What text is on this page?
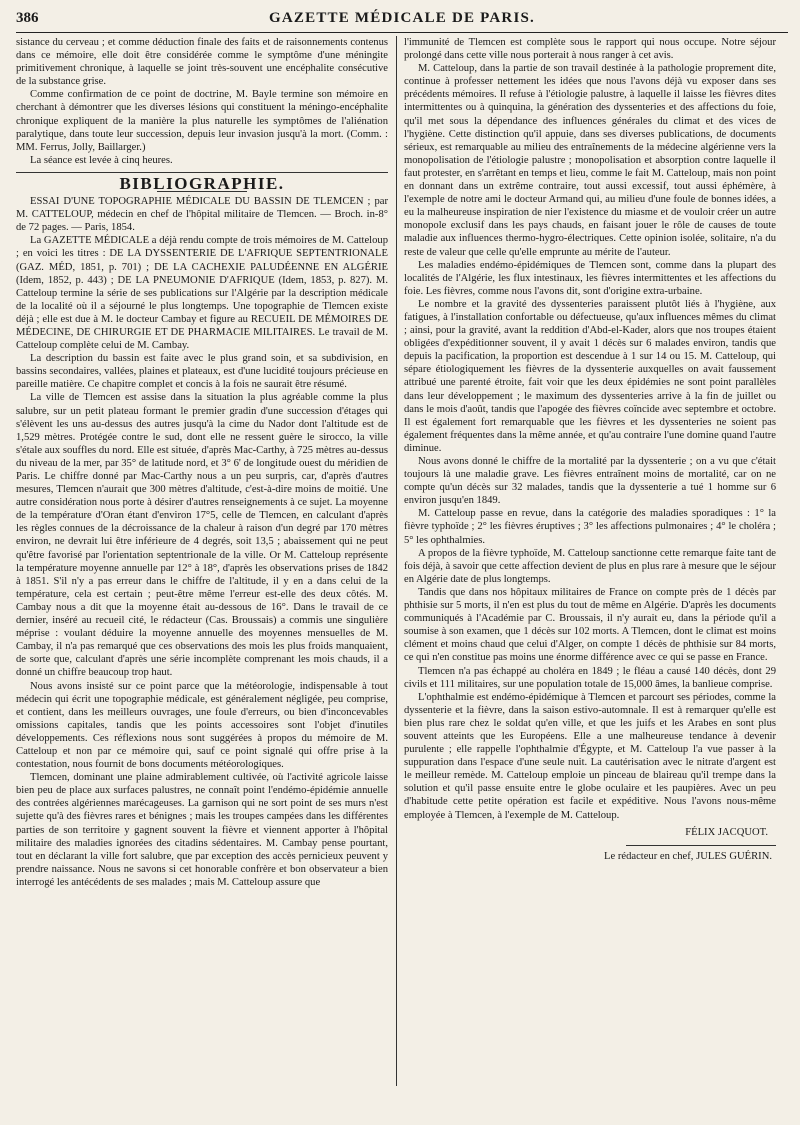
386	GAZETTE MÉDICALE DE PARIS.

sistance du cerveau ; et comme déduction finale des faits et de raisonnements contenus dans ce mémoire, elle doit être considérée comme le symptôme d'une méningite primitivement chronique, à laquelle se joint très-souvent une encéphalite consécutive de la substance grise.

Comme confirmation de ce point de doctrine, M. Bayle termine son mémoire en cherchant à démontrer que les diverses lésions qui constituent la méningo-encéphalite chronique expliquent de la manière la plus naturelle les symptômes de l'aliénation paralytique, dans toute leur succession, depuis leur invasion jusqu'à la mort. (Comm. : MM. Ferrus, Jolly, Baillarger.)

La séance est levée à cinq heures.

BIBLIOGRAPHIE.

ESSAI D'UNE TOPOGRAPHIE MÉDICALE DU BASSIN DE TLEMCEN ; par M. CATTELOUP, médecin en chef de l'hôpital militaire de Tlemcen. — Broch. in-8° de 72 pages. — Paris, 1854.

La GAZETTE MÉDICALE a déjà rendu compte de trois mémoires de M. Catteloup ; en voici les titres : DE LA DYSSENTERIE DE L'AFRIQUE SEPTENTRIONALE (GAZ. MÉD, 1851, p. 701) ; DE LA CACHEXIE PALUDÉENNE EN ALGÉRIE (Idem, 1852, p. 443) ; DE LA PNEUMONIE D'AFRIQUE (Idem, 1853, p. 827). M. Catteloup termine la série de ses publications sur l'Algérie par la description médicale de la localité où il a séjourné le plus longtemps. Une topographie de Tlemcen existe déjà ; elle est due à M. le docteur Cambay et figure au RECUEIL DE MÉMOIRES DE MÉDECINE, DE CHIRURGIE ET DE PHARMACIE MILITAIRES. Le travail de M. Catteloup complète celui de M. Cambay.

La description du bassin est faite avec le plus grand soin, et sa subdivision, en bassins secondaires, vallées, plaines et plateaux, est d'une lucidité toujours précieuse en pareille matière. Ce chapitre complet et concis à la fois ne saurait être résumé.

La ville de Tlemcen est assise dans la situation la plus agréable comme la plus salubre, sur un petit plateau formant le premier gradin d'une succession d'étages qui s'élèvent les uns au-dessus des autres jusqu'à la cime du Nador dont l'altitude est de 1,529 mètres. Protégée contre le sud, dont elle ne ressent guère le sirocco, la ville s'étale aux souffles du nord. Elle est située, d'après Mac-Carthy, à 725 mètres au-dessus du niveau de la mer, par 35° de latitude nord, et 3° 6' de longitude ouest du méridien de Paris. Le chiffre donné par Mac-Carthy nous a un peu surpris, car, d'après d'autres mesures, Tlemcen n'aurait que 300 mètres d'altitude, c'est-à-dire moins de moitié. Une autre considération nous porte à désirer d'autres renseignements à ce sujet. La moyenne de la température d'Oran étant d'environ 17°5, celle de Tlemcen, en calculant d'après les règles connues de la décroissance de la chaleur à raison d'un degré par 170 mètres environ, ne devrait lui être inférieure de 4 degrés, soit 13,5 ; abaissement qui ne peut qu'être favorisé par l'orientation septentrionale de la ville. Or M. Catteloup représente la température moyenne annuelle par 12° à 18°, d'après les observations prises de 1842 à 1851. S'il n'y a pas erreur dans le chiffre de l'altitude, il y en a dans celui de la température, cela est certain ; peut-être même l'erreur est-elle des deux côtés. M. Cambay nous a dit que la moyenne était au-dessous de 16°. Dans le travail de ce dernier, inséré au recueil cité, le rédacteur (Cas. Broussais) a commis une singulière méprise : voulant déduire la moyenne annuelle des moyennes mensuelles de M. Cambay, il n'a pas remarqué que ces observations des mois les plus froids manquaient, de sorte que, calculant d'après une série incomplète comprenant les mois chauds, il a donné un chiffre beaucoup trop haut.

Nous avons insisté sur ce point parce que la météorologie, indispensable à tout médecin qui écrit une topographie médicale, est généralement négligée, peu comprise, et contient, dans les meilleurs ouvrages, une foule d'erreurs, ou bien d'inconcevables omissions capitales, tandis que les points accessoires sont l'objet d'inutiles développements. Ces réflexions nous sont suggérées à propos du mémoire de M. Catteloup et non par ce mémoire qui, sauf ce point signalé qui offre prise à la contestation, nous fournit de bons documents météorologiques.

Tlemcen, dominant une plaine admirablement cultivée, où l'activité agricole laisse bien peu de place aux surfaces palustres, ne connaît point l'endémo-épidémie annuelle des contrées algériennes marécageuses. La garnison qui ne sort point de ses murs n'est sujette qu'à des fièvres rares et bénignes ; mais les troupes campées dans les différentes parties de son territoire y gagnent souvent la fièvre et viennent apporter à l'hôpital militaire des maladies ignorées des citadins sédentaires. M. Cambay pense pourtant, tout en déclarant la ville fort salubre, que par exception des accès pernicieux peuvent y prendre naissance. Nous ne savons si cet honorable confrère et bon observateur a bien interrogé les antécédents de ses malades ; mais M. Catteloup assure que

l'immunité de Tlemcen est complète sous le rapport qui nous occupe. Notre séjour prolongé dans cette ville nous porterait à nous ranger à cet avis.

M. Catteloup, dans la partie de son travail destinée à la pathologie proprement dite, continue à professer nettement les idées que nous l'avons déjà vu exposer dans ses précédents mémoires. Il refuse à l'étiologie palustre, à laquelle il laisse les fièvres dites intermittentes ou à quinquina, la génération des dyssenteries et des affections du foie, qu'il met sous la dépendance des influences générales du climat et des vices de l'hygiène. Cette distinction qu'il appuie, dans ses diverses publications, de documents sérieux, est remarquable au milieu des entraînements de la médecine algérienne vers la monopolisation de l'étiologie palustre ; monopolisation et absorption contre laquelle il faut protester, en s'arrêtant en temps et lieu, comme le fait M. Catteloup, mais non point en donnant dans un extrême contraire, tout aussi excessif, tout aussi éphémère, à l'exemple de notre ami le docteur Armand qui, au milieu d'une foule de bonnes idées, a eu la malheureuse inspiration de nier l'existence du miasme et de vouloir créer un autre monopole exclusif dans les pays chauds, en faisant jouer le rôle de causes de toute maladie aux influences thermo-hygro-électriques. Cette opinion isolée, solitaire, n'a du reste de valeur que celle qu'elle emprunte au mérite de l'auteur.

Les maladies endémo-épidémiques de Tlemcen sont, comme dans la plupart des localités de l'Algérie, les flux intestinaux, les fièvres intermittentes et les affections du foie. Les fièvres, comme nous l'avons dit, sont d'origine extra-urbaine.

Le nombre et la gravité des dyssenteries paraissent plutôt liés à l'hygiène, aux fatigues, à l'installation confortable ou défectueuse, qu'aux influences mêmes du climat ; ainsi, pour la gravité, avant la reddition d'Abd-el-Kader, alors que nos troupes étaient obligées d'expéditionner souvent, il y avait 1 décès sur 6 malades environ, tandis que depuis la pacification, la proportion est descendue à 1 sur 14 ou 15. M. Catteloup, qui sépare étiologiquement les fièvres de la dyssenterie auxquelles on avait faussement attribué une parenté étroite, fait voir que les deux épidémies ne sont point parallèles dans leur développement ; le maximum des dyssenteries arrive à la fin de juillet ou dans le mois d'août, tandis que l'apogée des fièvres coïncide avec septembre et octobre. Il est également fort remarquable que les fièvres et les dyssenteries ne soient pas également fréquentes dans la même année, et qu'au contraire l'une domine quand l'autre diminue.

Nous avons donné le chiffre de la mortalité par la dyssenterie ; on a vu que c'était toujours là une maladie grave. Les fièvres entraînent moins de mortalité, car on ne compte qu'un décès sur 32 malades, tandis que la dyssenterie a tué 1 homme sur 6 environ jusqu'en 1849.

M. Catteloup passe en revue, dans la catégorie des maladies sporadiques : 1° la fièvre typhoïde ; 2° les fièvres éruptives ; 3° les affections pulmonaires ; 4° le choléra ; 5° les ophthalmies.

A propos de la fièvre typhoïde, M. Catteloup sanctionne cette remarque faite tant de fois déjà, à savoir que cette affection devient de plus en plus rare à mesure que le séjour en Algérie date de plus longtemps.

Tandis que dans nos hôpitaux militaires de France on compte près de 1 décès par phthisie sur 5 morts, il n'en est plus du tout de même en Algérie. D'après les documents communiqués à l'Académie par C. Broussais, il n'y aurait eu, dans la période qu'il a soumise à son examen, que 1 décès sur 102 morts. A Tlemcen, dont le climat est moins clément et moins chaud que celui d'Alger, on compte 1 décès de phthisie sur 84 morts, ce qui n'en constitue pas moins une énorme différence avec ce qui se passe en France.

Tlemcen n'a pas échappé au choléra en 1849 ; le fléau a causé 140 décès, dont 29 civils et 111 militaires, sur une population totale de 15,000 âmes, la banlieue comprise.

L'ophthalmie est endémo-épidémique à Tlemcen et parcourt ses périodes, comme la dyssenterie et la fièvre, dans la saison estivo-automnale. Il est à remarquer qu'elle est bien plus rare chez le soldat qu'en ville, et que les juifs et les Arabes en sont plus souvent atteints que les Européens. Elle a une malheureuse tendance à devenir purulente ; elle rappelle l'ophthalmie d'Égypte, et M. Catteloup l'a vue passer à la suppuration dans l'espace d'une seule nuit. La cautérisation avec le nitrate d'argent est le meilleur remède. M. Catteloup emploie un pinceau de blaireau qu'il trempe dans la solution et qu'il passe ensuite entre le globe oculaire et les paupières. Avec un peu d'habitude cette petite opération est facile et expéditive. Nous l'avons nous-même employée à Tlemcen, à l'exemple de M. Catteloup.

FÉLIX JACQUOT.
Le rédacteur en chef, JULES GUÉRIN.
